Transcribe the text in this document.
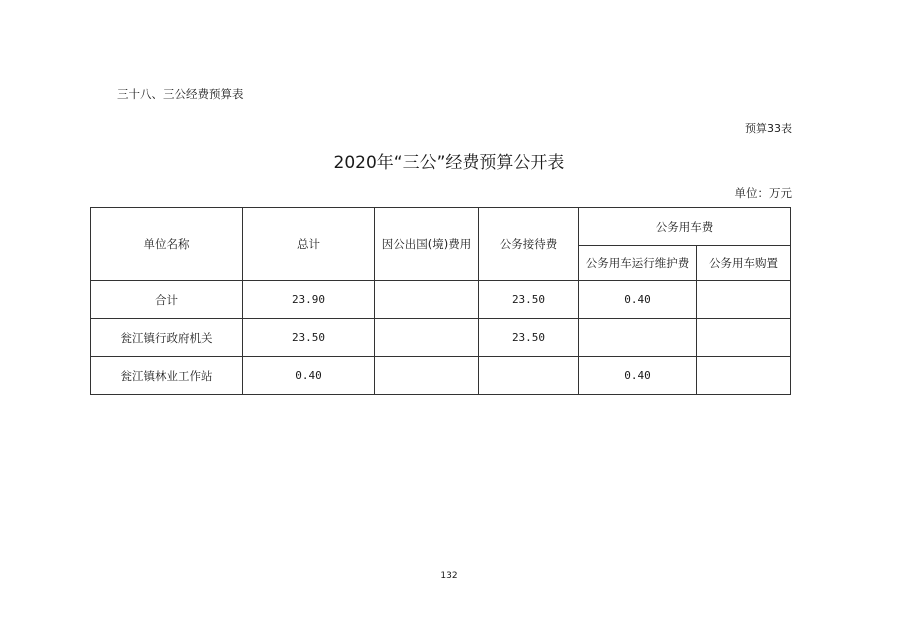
三十八、三公经费预算表
预算33表
2020年“三公”经费预算公开表
单位：万元
单位名称	总计	因公出国(境)费用	公务接待费	公务用车费	
				公务用车运行维护费	公务用车购置
合计	23.90		23.50	0.40	
瓮江镇行政府机关	23.50		23.50		
瓮江镇林业工作站	0.40			0.40	
132
